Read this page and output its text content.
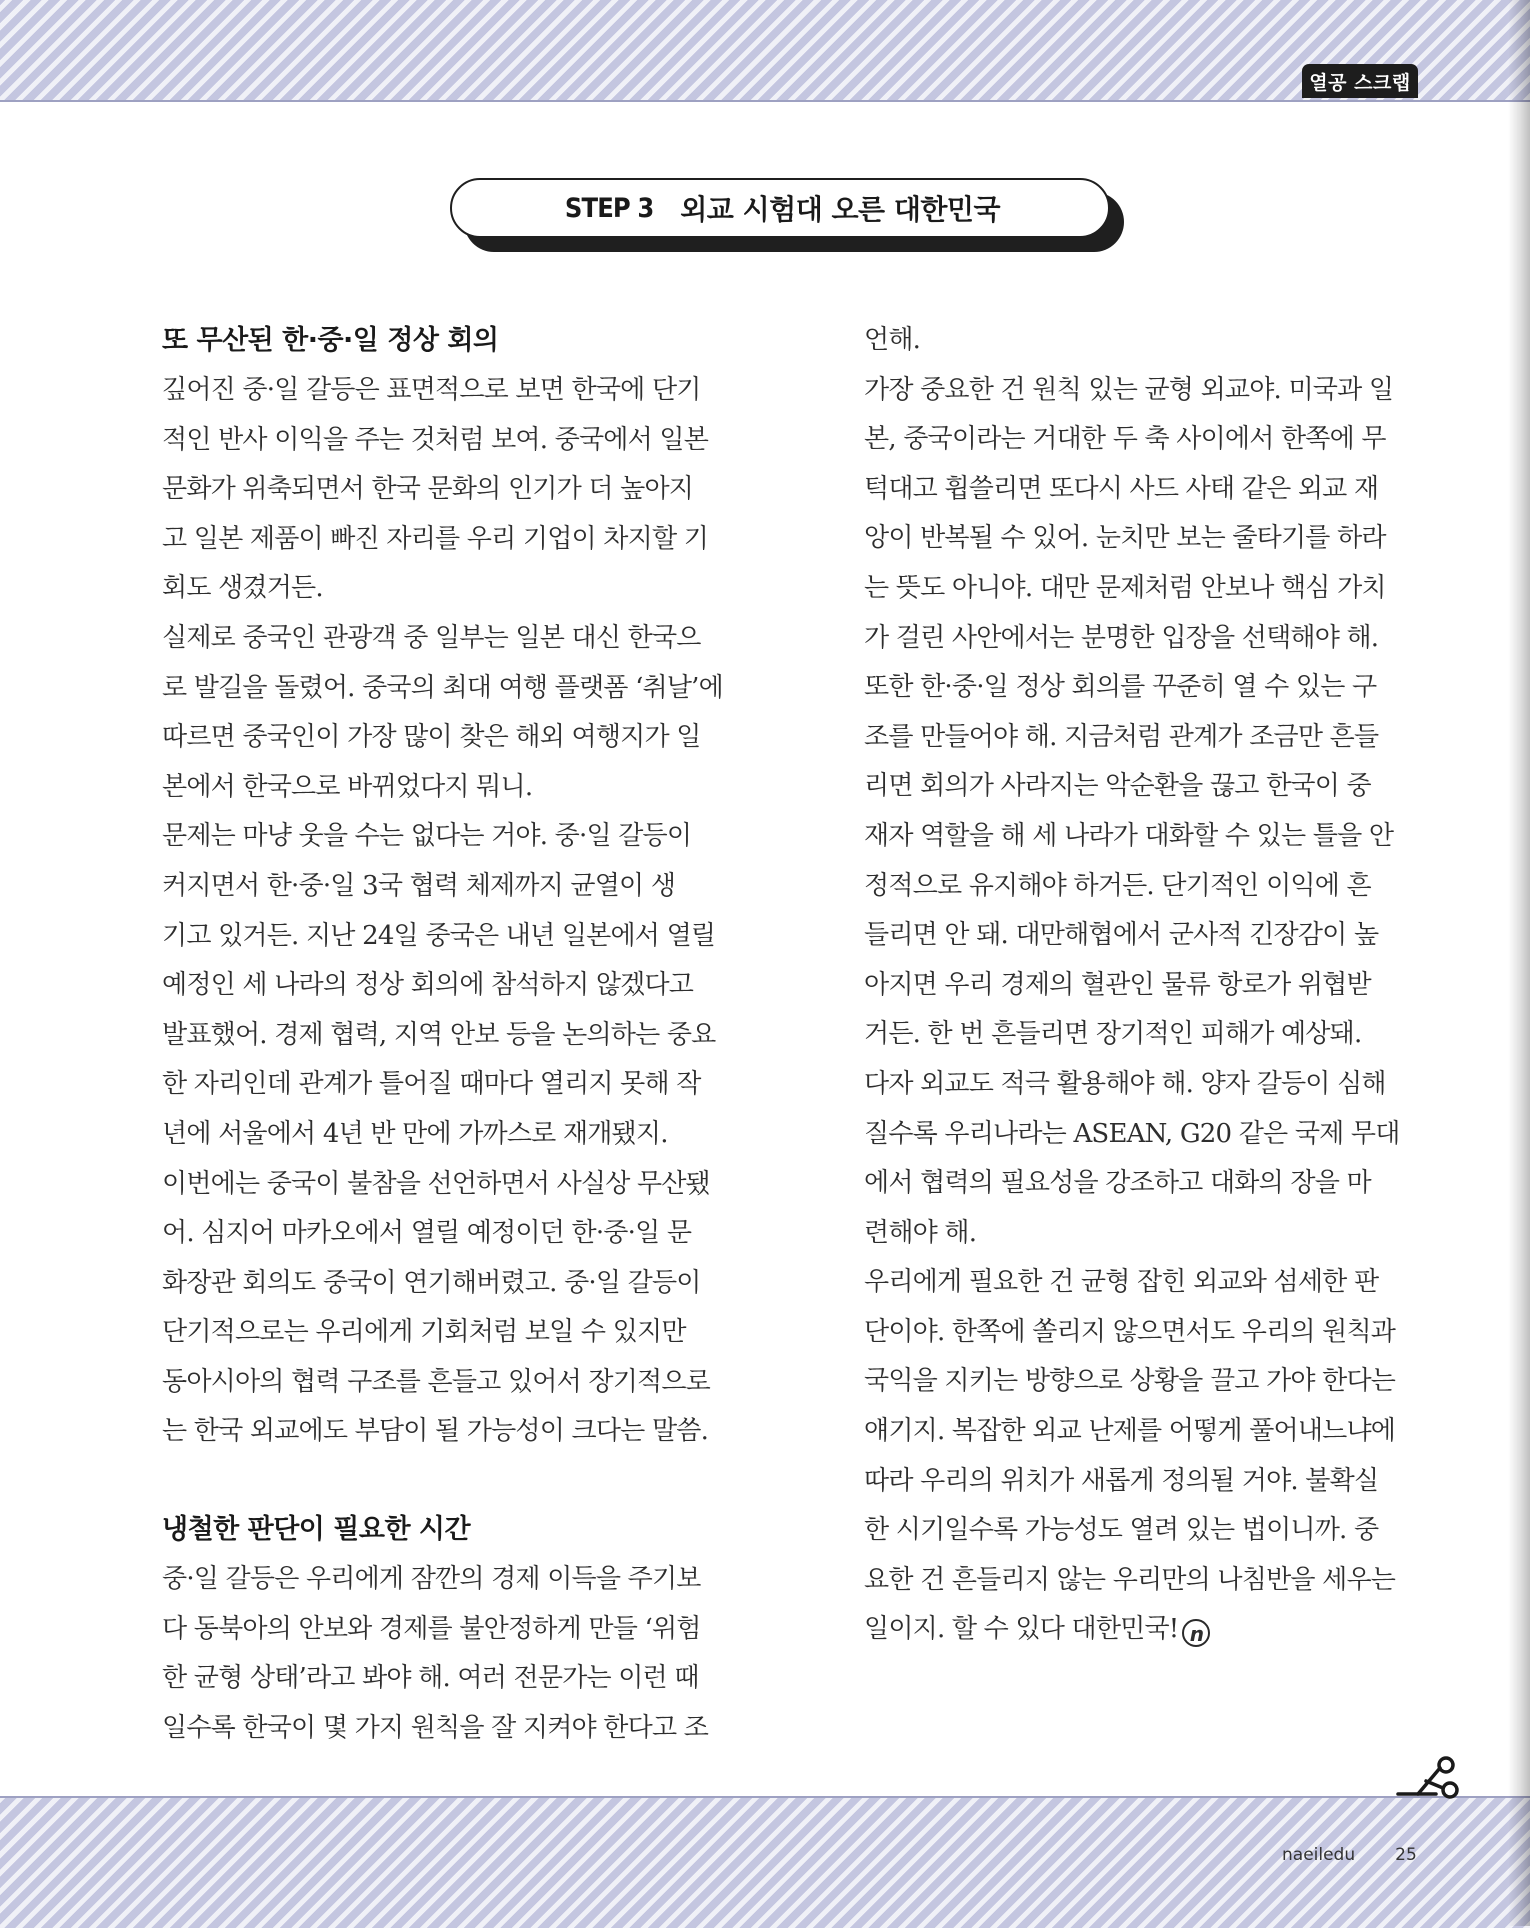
열공 스크랩
STEP 3 외교 시험대 오른 대한민국
또 무산된 한·중·일 정상 회의
깊어진 중·일 갈등은 표면적으로 보면 한국에 단기
적인 반사 이익을 주는 것처럼 보여. 중국에서 일본
문화가 위축되면서 한국 문화의 인기가 더 높아지
고 일본 제품이 빠진 자리를 우리 기업이 차지할 기
회도 생겼거든.
실제로 중국인 관광객 중 일부는 일본 대신 한국으
로 발길을 돌렸어. 중국의 최대 여행 플랫폼 ‘취날’에
따르면 중국인이 가장 많이 찾은 해외 여행지가 일
본에서 한국으로 바뀌었다지 뭐니.
문제는 마냥 웃을 수는 없다는 거야. 중·일 갈등이
커지면서 한·중·일 3국 협력 체제까지 균열이 생
기고 있거든. 지난 24일 중국은 내년 일본에서 열릴
예정인 세 나라의 정상 회의에 참석하지 않겠다고
발표했어. 경제 협력, 지역 안보 등을 논의하는 중요
한 자리인데 관계가 틀어질 때마다 열리지 못해 작
년에 서울에서 4년 반 만에 가까스로 재개됐지.
이번에는 중국이 불참을 선언하면서 사실상 무산됐
어. 심지어 마카오에서 열릴 예정이던 한·중·일 문
화장관 회의도 중국이 연기해버렸고. 중·일 갈등이
단기적으로는 우리에게 기회처럼 보일 수 있지만
동아시아의 협력 구조를 흔들고 있어서 장기적으로
는 한국 외교에도 부담이 될 가능성이 크다는 말씀.
냉철한 판단이 필요한 시간
중·일 갈등은 우리에게 잠깐의 경제 이득을 주기보
다 동북아의 안보와 경제를 불안정하게 만들 ‘위험
한 균형 상태’라고 봐야 해. 여러 전문가는 이런 때
일수록 한국이 몇 가지 원칙을 잘 지켜야 한다고 조
언해.
가장 중요한 건 원칙 있는 균형 외교야. 미국과 일
본, 중국이라는 거대한 두 축 사이에서 한쪽에 무
턱대고 휩쓸리면 또다시 사드 사태 같은 외교 재
앙이 반복될 수 있어. 눈치만 보는 줄타기를 하라
는 뜻도 아니야. 대만 문제처럼 안보나 핵심 가치
가 걸린 사안에서는 분명한 입장을 선택해야 해.
또한 한·중·일 정상 회의를 꾸준히 열 수 있는 구
조를 만들어야 해. 지금처럼 관계가 조금만 흔들
리면 회의가 사라지는 악순환을 끊고 한국이 중
재자 역할을 해 세 나라가 대화할 수 있는 틀을 안
정적으로 유지해야 하거든. 단기적인 이익에 흔
들리면 안 돼. 대만해협에서 군사적 긴장감이 높
아지면 우리 경제의 혈관인 물류 항로가 위협받
거든. 한 번 흔들리면 장기적인 피해가 예상돼.
다자 외교도 적극 활용해야 해. 양자 갈등이 심해
질수록 우리나라는 ASEAN, G20 같은 국제 무대
에서 협력의 필요성을 강조하고 대화의 장을 마
련해야 해.
우리에게 필요한 건 균형 잡힌 외교와 섬세한 판
단이야. 한쪽에 쏠리지 않으면서도 우리의 원칙과
국익을 지키는 방향으로 상황을 끌고 가야 한다는
얘기지. 복잡한 외교 난제를 어떻게 풀어내느냐에
따라 우리의 위치가 새롭게 정의될 거야. 불확실
한 시기일수록 가능성도 열려 있는 법이니까. 중
요한 건 흔들리지 않는 우리만의 나침반을 세우는
일이지. 할 수 있다 대한민국! n
naeiledu 25
